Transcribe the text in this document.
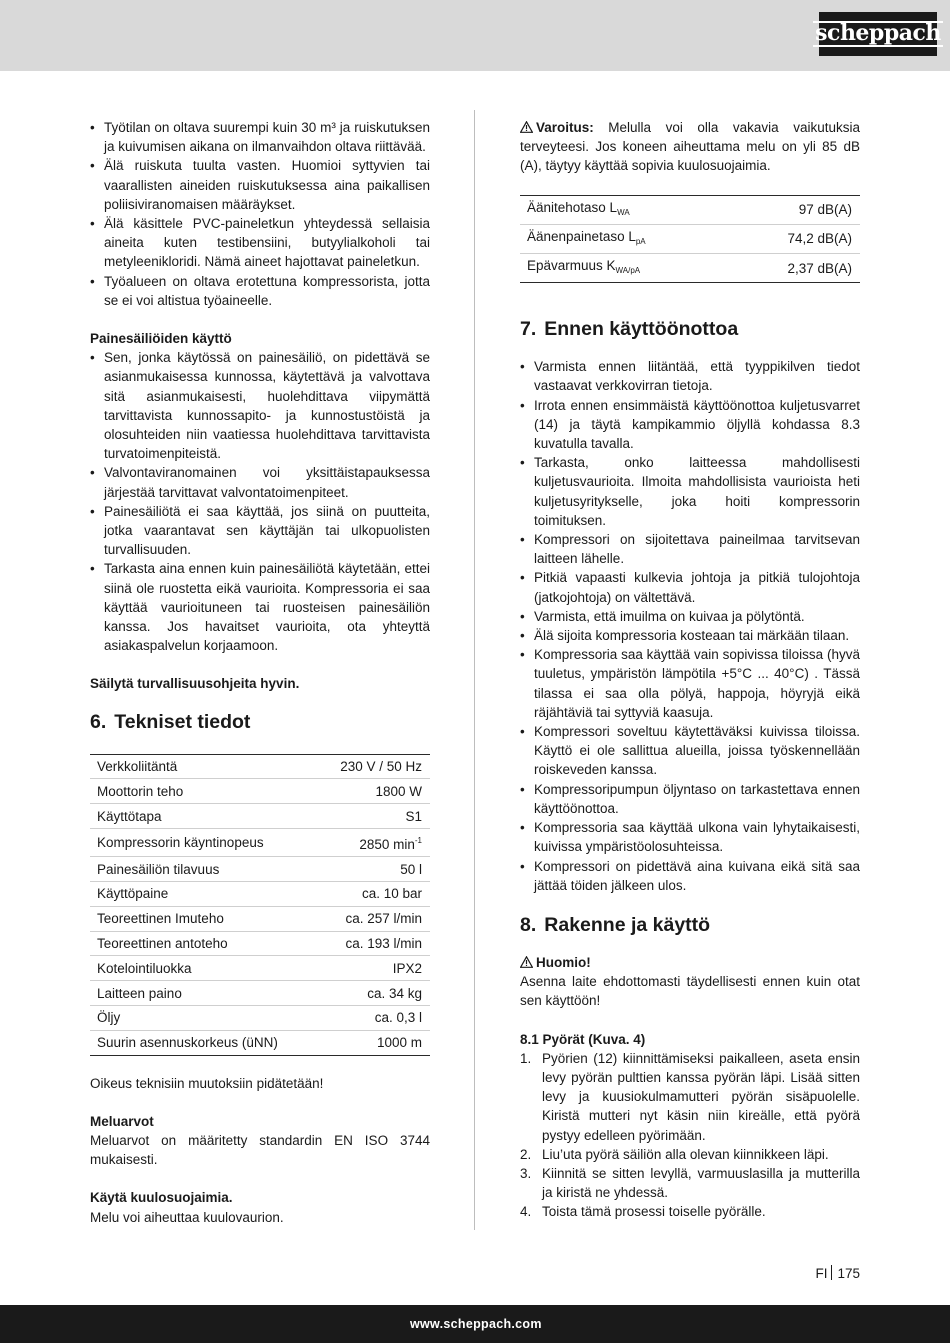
scheppach
• Työtilan on oltava suurempi kuin 30 m³ ja ruiskutuksen ja kuivumisen aikana on ilmanvaihdon oltava riittävää.
• Älä ruiskuta tuulta vasten. Huomioi syttyvien tai vaarallisten aineiden ruiskutuksessa aina paikallisen poliisiviranomaisen määräykset.
• Älä käsittele PVC-paineletkun yhteydessä sellaisia aineita kuten testibensiini, butyylialkoholi tai metyleenikloridi. Nämä aineet hajottavat paineletkun.
• Työalueen on oltava erotettuna kompressorista, jotta se ei voi altistua työaineelle.
Painesäiliöiden käyttö
• Sen, jonka käytössä on painesäiliö, on pidettävä se asianmukaisessa kunnossa, käytettävä ja valvottava sitä asianmukaisesti, huolehdittava viipymättä tarvittavista kunnossapito- ja kunnostustöistä ja olosuhteiden niin vaatiessa huolehdittava tarvittavista turvatoimenpiteistä.
• Valvontaviranomainen voi yksittäistapauksessa järjestää tarvittavat valvontatoimenpiteet.
• Painesäiliötä ei saa käyttää, jos siinä on puutteita, jotka vaarantavat sen käyttäjän tai ulkopuolisten turvallisuuden.
• Tarkasta aina ennen kuin painesäiliötä käytetään, ettei siinä ole ruostetta eikä vaurioita. Kompressoria ei saa käyttää vaurioituneen tai ruosteisen painesäiliön kanssa. Jos havaitset vaurioita, ota yhteyttä asiakaspalvelun korjaamoon.
Säilytä turvallisuusohjeita hyvin.
6. Tekniset tiedot
Verkkoliitäntä	230 V / 50 Hz
Moottorin teho	1800 W
Käyttötapa	S1
Kompressorin käyntinopeus	2850 $\min^{-1}$
Painesäiliön tilavuus	50 l
Käyttöpaine	ca. 10 bar
Teoreettinen Imuteho	ca. 257 l/min
Teoreettinen antoteho	ca. 193 l/min
Kotelointiluokka	IPX2
Laitteen paino	ca. 34 kg
Öljy	ca. 0,3 l
Suurin asennuskorkeus (üNN)	1000 m
Oikeus teknisiin muutoksiin pidätetään!
Meluarvot
Meluarvot on määritetty standardin EN ISO 3744 mukaisesti.
Käytä kuulosuojaimia.
Melu voi aiheuttaa kuulovaurion.
Varoitus: Melulla voi olla vakavia vaikutuksia terveyteesi. Jos koneen aiheuttama melu on yli 85 dB (A), täytyy käyttää sopivia kuulosuojaimia.
Äänitehotaso $L_{WA}$	97 dB(A)
Äänenpainetaso $L_{pA}$	74,2 dB(A)
Epävarmuus $K_{WA/pA}$	2,37 dB(A)
7. Ennen käyttöönottoa
• Varmista ennen liitäntää, että tyyppikilven tiedot vastaavat verkkovirran tietoja.
• Irrota ennen ensimmäistä käyttöönottoa kuljetusvarret (14) ja täytä kampikammio öljyllä kohdassa 8.3 kuvatulla tavalla.
• Tarkasta, onko laitteessa mahdollisesti kuljetusvaurioita. Ilmoita mahdollisista vaurioista heti kuljetusyritykselle, joka hoiti kompressorin toimituksen.
• Kompressori on sijoitettava paineilmaa tarvitsevan laitteen lähelle.
• Pitkiä vapaasti kulkevia johtoja ja pitkiä tulojohtoja (jatkojohtoja) on vältettävä.
• Varmista, että imuilma on kuivaa ja pölytöntä.
• Älä sijoita kompressoria kosteaan tai märkään tilaan.
• Kompressoria saa käyttää vain sopivissa tiloissa (hyvä tuuletus, ympäristön lämpötila +5°C ... 40°C) . Tässä tilassa ei saa olla pölyä, happoja, höyryjä eikä räjähtäviä tai syttyviä kaasuja.
• Kompressori soveltuu käytettäväksi kuivissa tiloissa. Käyttö ei ole sallittua alueilla, joissa työskennellään roiskeveden kanssa.
• Kompressoripumpun öljyntaso on tarkastettava ennen käyttöönottoa.
• Kompressoria saa käyttää ulkona vain lyhytaikaisesti, kuivissa ympäristöolosuhteissa.
• Kompressori on pidettävä aina kuivana eikä sitä saa jättää töiden jälkeen ulos.
8. Rakenne ja käyttö
Huomio!
Asenna laite ehdottomasti täydellisesti ennen kuin otat sen käyttöön!
8.1 Pyörät (Kuva. 4)
1. Pyörien (12) kiinnittämiseksi paikalleen, aseta ensin levy pyörän pulttien kanssa pyörän läpi. Lisää sitten levy ja kuusiokulmamutteri pyörän sisäpuolelle. Kiristä mutteri nyt käsin niin kireälle, että pyörä pystyy edelleen pyörimään.
2. Liu’uta pyörä säiliön alla olevan kiinnikkeen läpi.
3. Kiinnitä se sitten levyllä, varmuuslasilla ja mutterilla ja kiristä ne yhdessä.
4. Toista tämä prosessi toiselle pyörälle.
FI 175
www.scheppach.com
